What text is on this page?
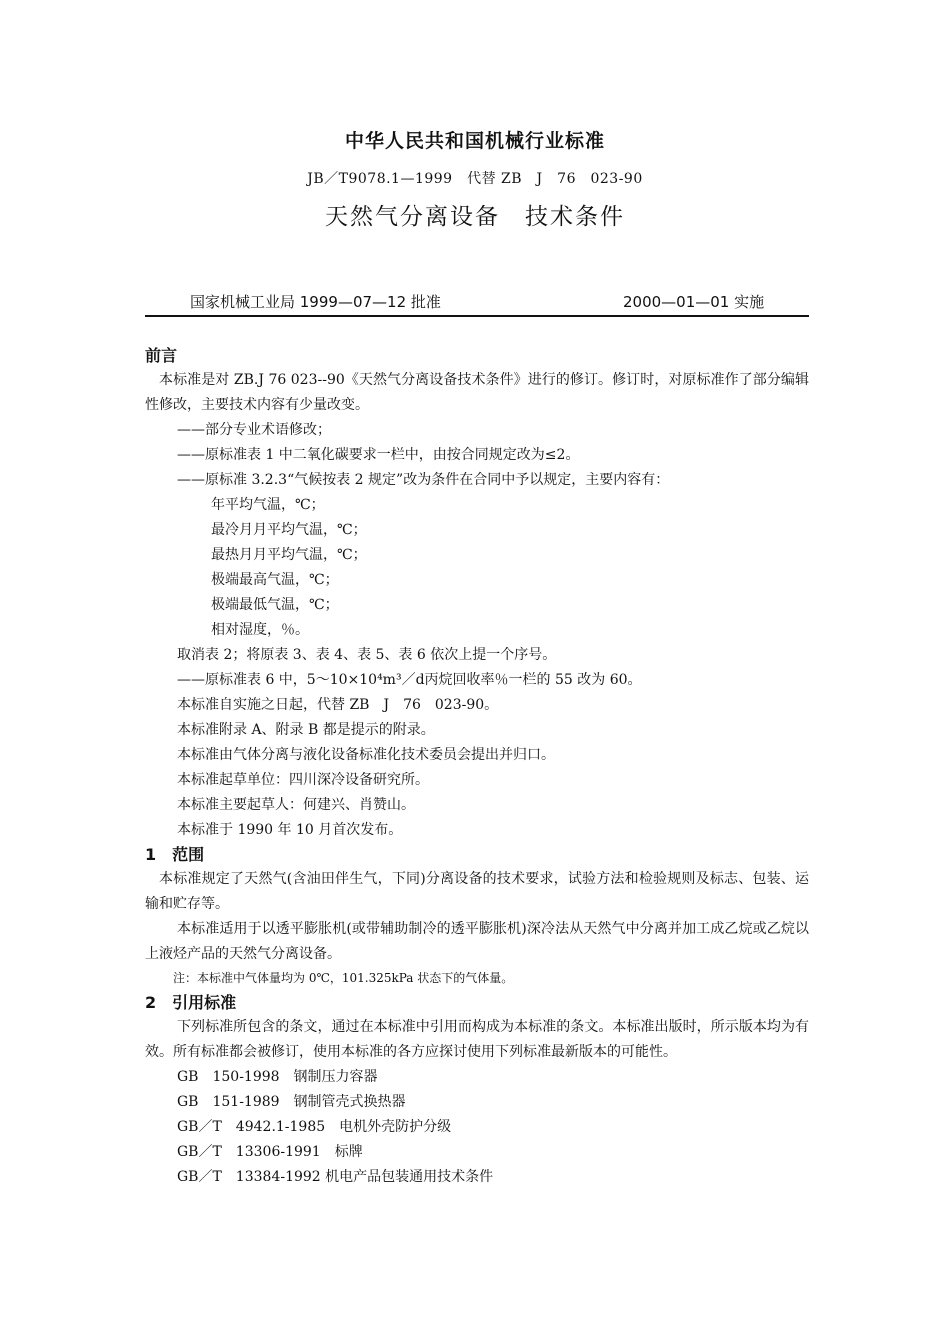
中华人民共和国机械行业标准
JB／T9078.1—1999　代替 ZB　J　76　023-90
天然气分离设备　技术条件
国家机械工业局 1999—07—12 批准	2000—01—01 实施
前言

本标准是对 ZB.J 76 023--90《天然气分离设备技术条件》进行的修订。修订时，对原标准作了部分编辑性修改，主要技术内容有少量改变。

——部分专业术语修改；

——原标准表 1 中二氧化碳要求一栏中，由按合同规定改为≤2。

——原标准 3.2.3“气候按表 2 规定”改为条件在合同中予以规定，主要内容有：

年平均气温，℃；

最冷月月平均气温，℃；

最热月月平均气温，℃；

极端最高气温，℃；

极端最低气温，℃；

相对湿度，％。

取消表 2；将原表 3、表 4、表 5、表 6 依次上提一个序号。

——原标准表 6 中，5～10×10⁴m³／d丙烷回收率％一栏的 55 改为 60。

本标准自实施之日起，代替 ZB　J　76　023-90。

本标准附录 A、附录 B 都是提示的附录。

本标准由气体分离与液化设备标准化技术委员会提出并归口。

本标准起草单位：四川深冷设备研究所。

本标准主要起草人：何建兴、肖赞山。

本标准于 1990 年 10 月首次发布。

1　范围

本标准规定了天然气(含油田伴生气，下同)分离设备的技术要求，试验方法和检验规则及标志、包装、运输和贮存等。

本标准适用于以透平膨胀机(或带辅助制冷的透平膨胀机)深冷法从天然气中分离并加工成乙烷或乙烷以上液烃产品的天然气分离设备。

注：本标准中气体量均为 0℃，101.325kPa 状态下的气体量。

2　引用标准

下列标准所包含的条文，通过在本标准中引用而构成为本标准的条文。本标准出版时，所示版本均为有效。所有标准都会被修订，使用本标准的各方应探讨使用下列标准最新版本的可能性。

GB　150-1998　钢制压力容器

GB　151-1989　钢制管壳式换热器

GB／T　4942.1-1985　电机外壳防护分级

GB／T　13306-1991　标牌

GB／T　13384-1992 机电产品包装通用技术条件
